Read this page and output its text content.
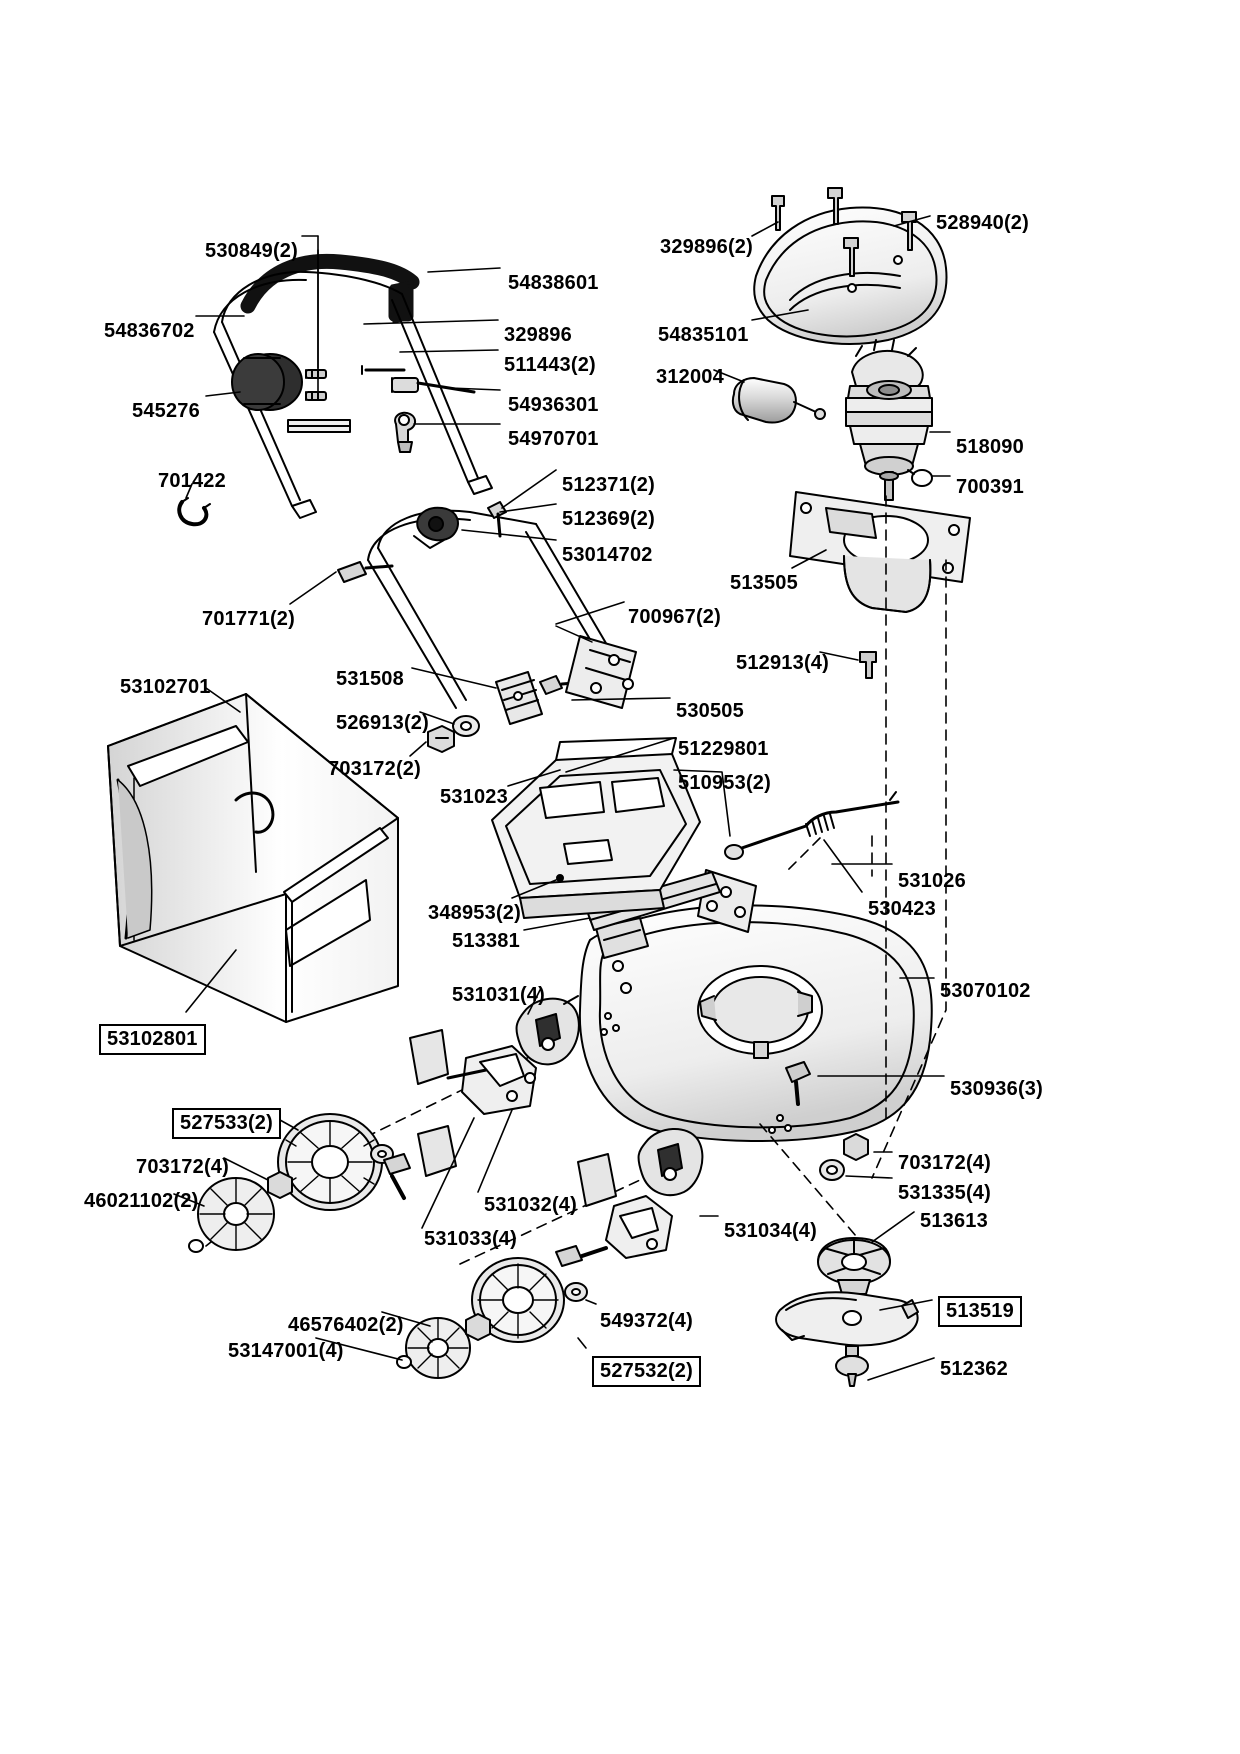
530849(2)
54838601
54836702	329896
511443(2)
54936301
545276
54970701
701422	512371(2)
512369(2)
53014702
701771(2)	700967(2)
53102701	531508
530505
526913(2)
703172(2)
51229801
510953(2)
531023
348953(2)
513381
531026
530423
53070102
531031(4)
53102801
530936(3)
527533(2)
703172(4)	703172(4)
531335(4)
46021102(2)
513613
531032(4)
531033(4)	531034(4)
513519
549372(4)
46576402(2)
527532(2)
53147001(4)
512362
329896(2)
528940(2)
54835101
312004
518090
700391
513505
512913(4)
